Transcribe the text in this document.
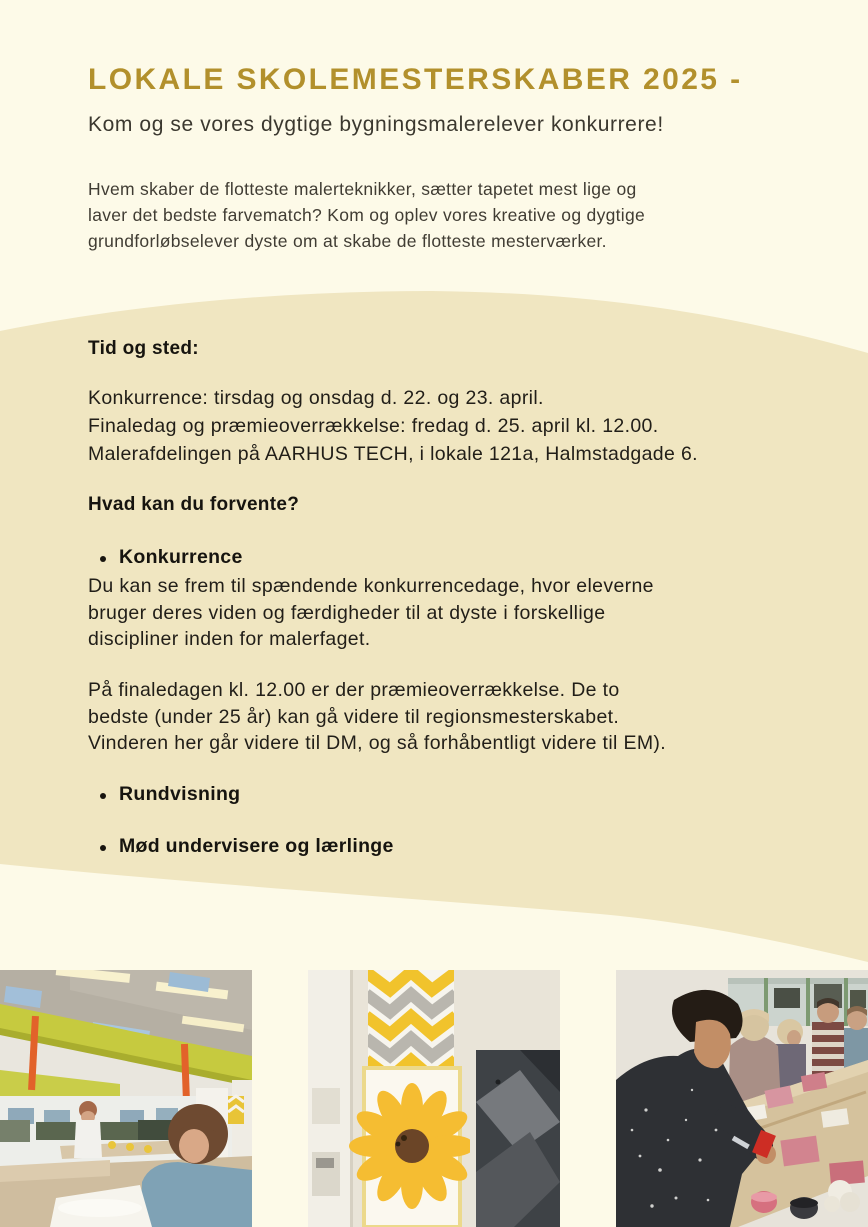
LOKALE SKOLEMESTERSKABER 2025 -
Kom og se vores dygtige bygningsmalerelever konkurrere!
Hvem skaber de flotteste malerteknikker, sætter tapetet mest lige og
laver det bedste farvematch? Kom og oplev vores kreative og dygtige
grundforløbselever dyste om at skabe de flotteste mesterværker.
Tid og sted:
Konkurrence: tirsdag og onsdag d. 22. og 23. april.
Finaledag og præmieoverrækkelse: fredag d. 25. april kl. 12.00.
Malerafdelingen på AARHUS TECH, i lokale 121a, Halmstadgade 6.
Hvad kan du forvente?
Konkurrence
Du kan se frem til spændende konkurrencedage, hvor eleverne
bruger deres viden og færdigheder til at dyste i forskellige
discipliner inden for malerfaget.
På finaledagen kl. 12.00 er der præmieoverrækkelse. De to
bedste (under 25 år) kan gå videre til regionsmesterskabet.
Vinderen her går videre til DM, og så forhåbentligt videre til EM).
Rundvisning
Mød undervisere og lærlinge
